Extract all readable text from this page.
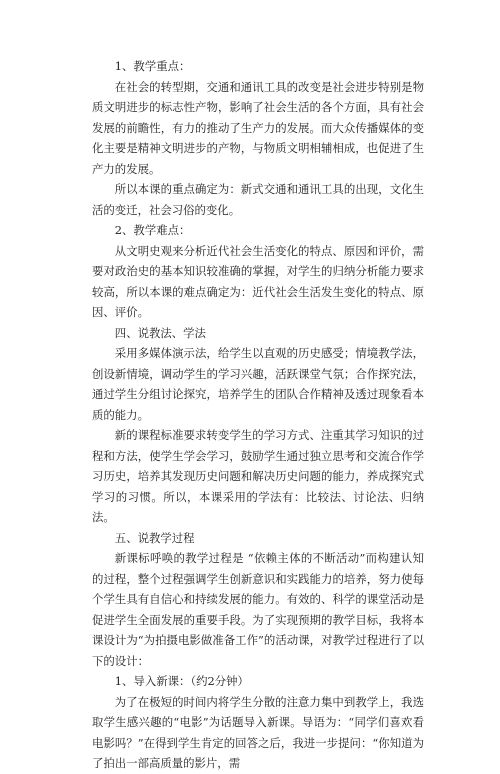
1、教学重点：

在社会的转型期，交通和通讯工具的改变是社会进步特别是物质文明进步的标志性产物，影响了社会生活的各个方面，具有社会发展的前瞻性，有力的推动了生产力的发展。而大众传播媒体的变化主要是精神文明进步的产物，与物质文明相辅相成，也促进了生产力的发展。

所以本课的重点确定为：新式交通和通讯工具的出现，文化生活的变迁，社会习俗的变化。

2、教学难点：

从文明史观来分析近代社会生活变化的特点、原因和评价，需要对政治史的基本知识较准确的掌握，对学生的归纳分析能力要求较高，所以本课的难点确定为：近代社会生活发生变化的特点、原因、评价。

四、说教法、学法

采用多媒体演示法，给学生以直观的历史感受；情境教学法，创设新情境，调动学生的学习兴趣，活跃课堂气氛；合作探究法，通过学生分组讨论探究，培养学生的团队合作精神及透过现象看本质的能力。

新的课程标准要求转变学生的学习方式、注重其学习知识的过程和方法，使学生学会学习，鼓励学生通过独立思考和交流合作学习历史，培养其发现历史问题和解决历史问题的能力，养成探究式学习的习惯。所以，本课采用的学法有：比较法、讨论法、归纳法。

五、说教学过程

新课标呼唤的教学过程是 “依赖主体的不断活动”而构建认知的过程，整个过程强调学生创新意识和实践能力的培养，努力使每个学生具有自信心和持续发展的能力。有效的、科学的课堂活动是促进学生全面发展的重要手段。为了实现预期的教学目标，我将本课设计为“为拍摄电影做准备工作”的活动课，对教学过程进行了以下的设计：

1、导入新课：（约2分钟）

为了在极短的时间内将学生分散的注意力集中到教学上，我选取学生感兴趣的“电影”为话题导入新课。导语为：“同学们喜欢看电影吗？”在得到学生肯定的回答之后，我进一步提问：“你知道为了拍出一部高质量的影片，需
